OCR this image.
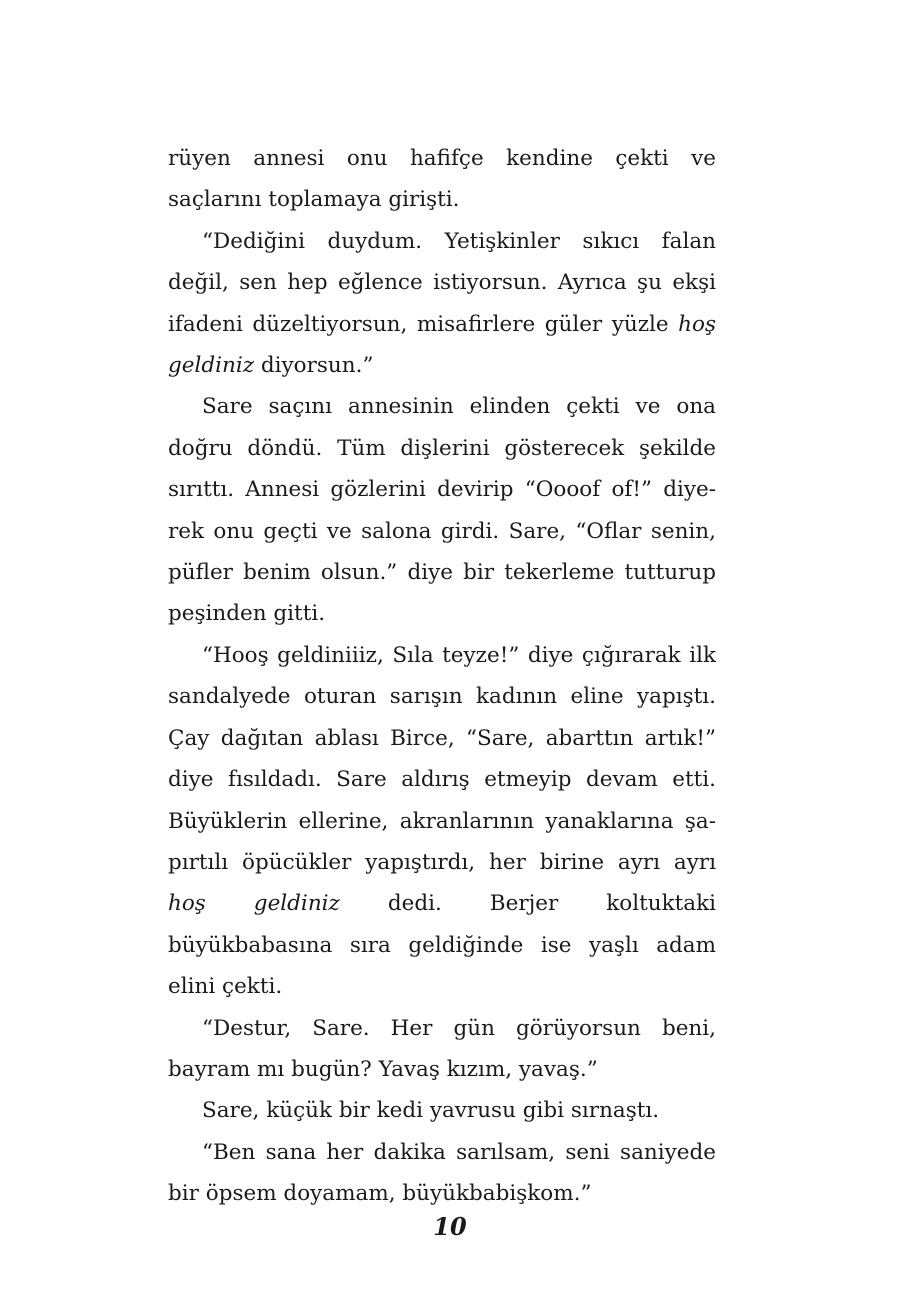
rüyen annesi onu hafifçe kendine çekti ve saçlarını toplamaya girişti.

“Dediğini duydum. Yetişkinler sıkıcı falan değil, sen hep eğlence istiyorsun. Ayrıca şu ekşi ifadeni düzeltiyorsun, misafirlere güler yüzle hoş geldiniz diyorsun.”

Sare saçını annesinin elinden çekti ve ona doğru döndü. Tüm dişlerini gösterecek şekilde sırıttı. Annesi gözlerini devirip “Oooof of!” diyerek onu geçti ve salona girdi. Sare, “Oflar senin, püfler benim olsun.” diye bir tekerleme tutturup peşinden gitti.

“Hooş geldiniiiz, Sıla teyze!” diye çığırarak ilk sandalyede oturan sarışın kadının eline yapıştı. Çay dağıtan ablası Birce, “Sare, abarttın artık!” diye fısıldadı. Sare aldırış etmeyip devam etti. Büyüklerin ellerine, akranlarının yanaklarına şapırtılı öpücükler yapıştırdı, her birine ayrı ayrı hoş geldiniz dedi. Berjer koltuktaki büyükbabasına sıra geldiğinde ise yaşlı adam elini çekti.

“Destur, Sare. Her gün görüyorsun beni, bayram mı bugün? Yavaş kızım, yavaş.”

Sare, küçük bir kedi yavrusu gibi sırnaştı.

“Ben sana her dakika sarılsam, seni saniyede bir öpsem doyamam, büyükbabişkom.”

10
